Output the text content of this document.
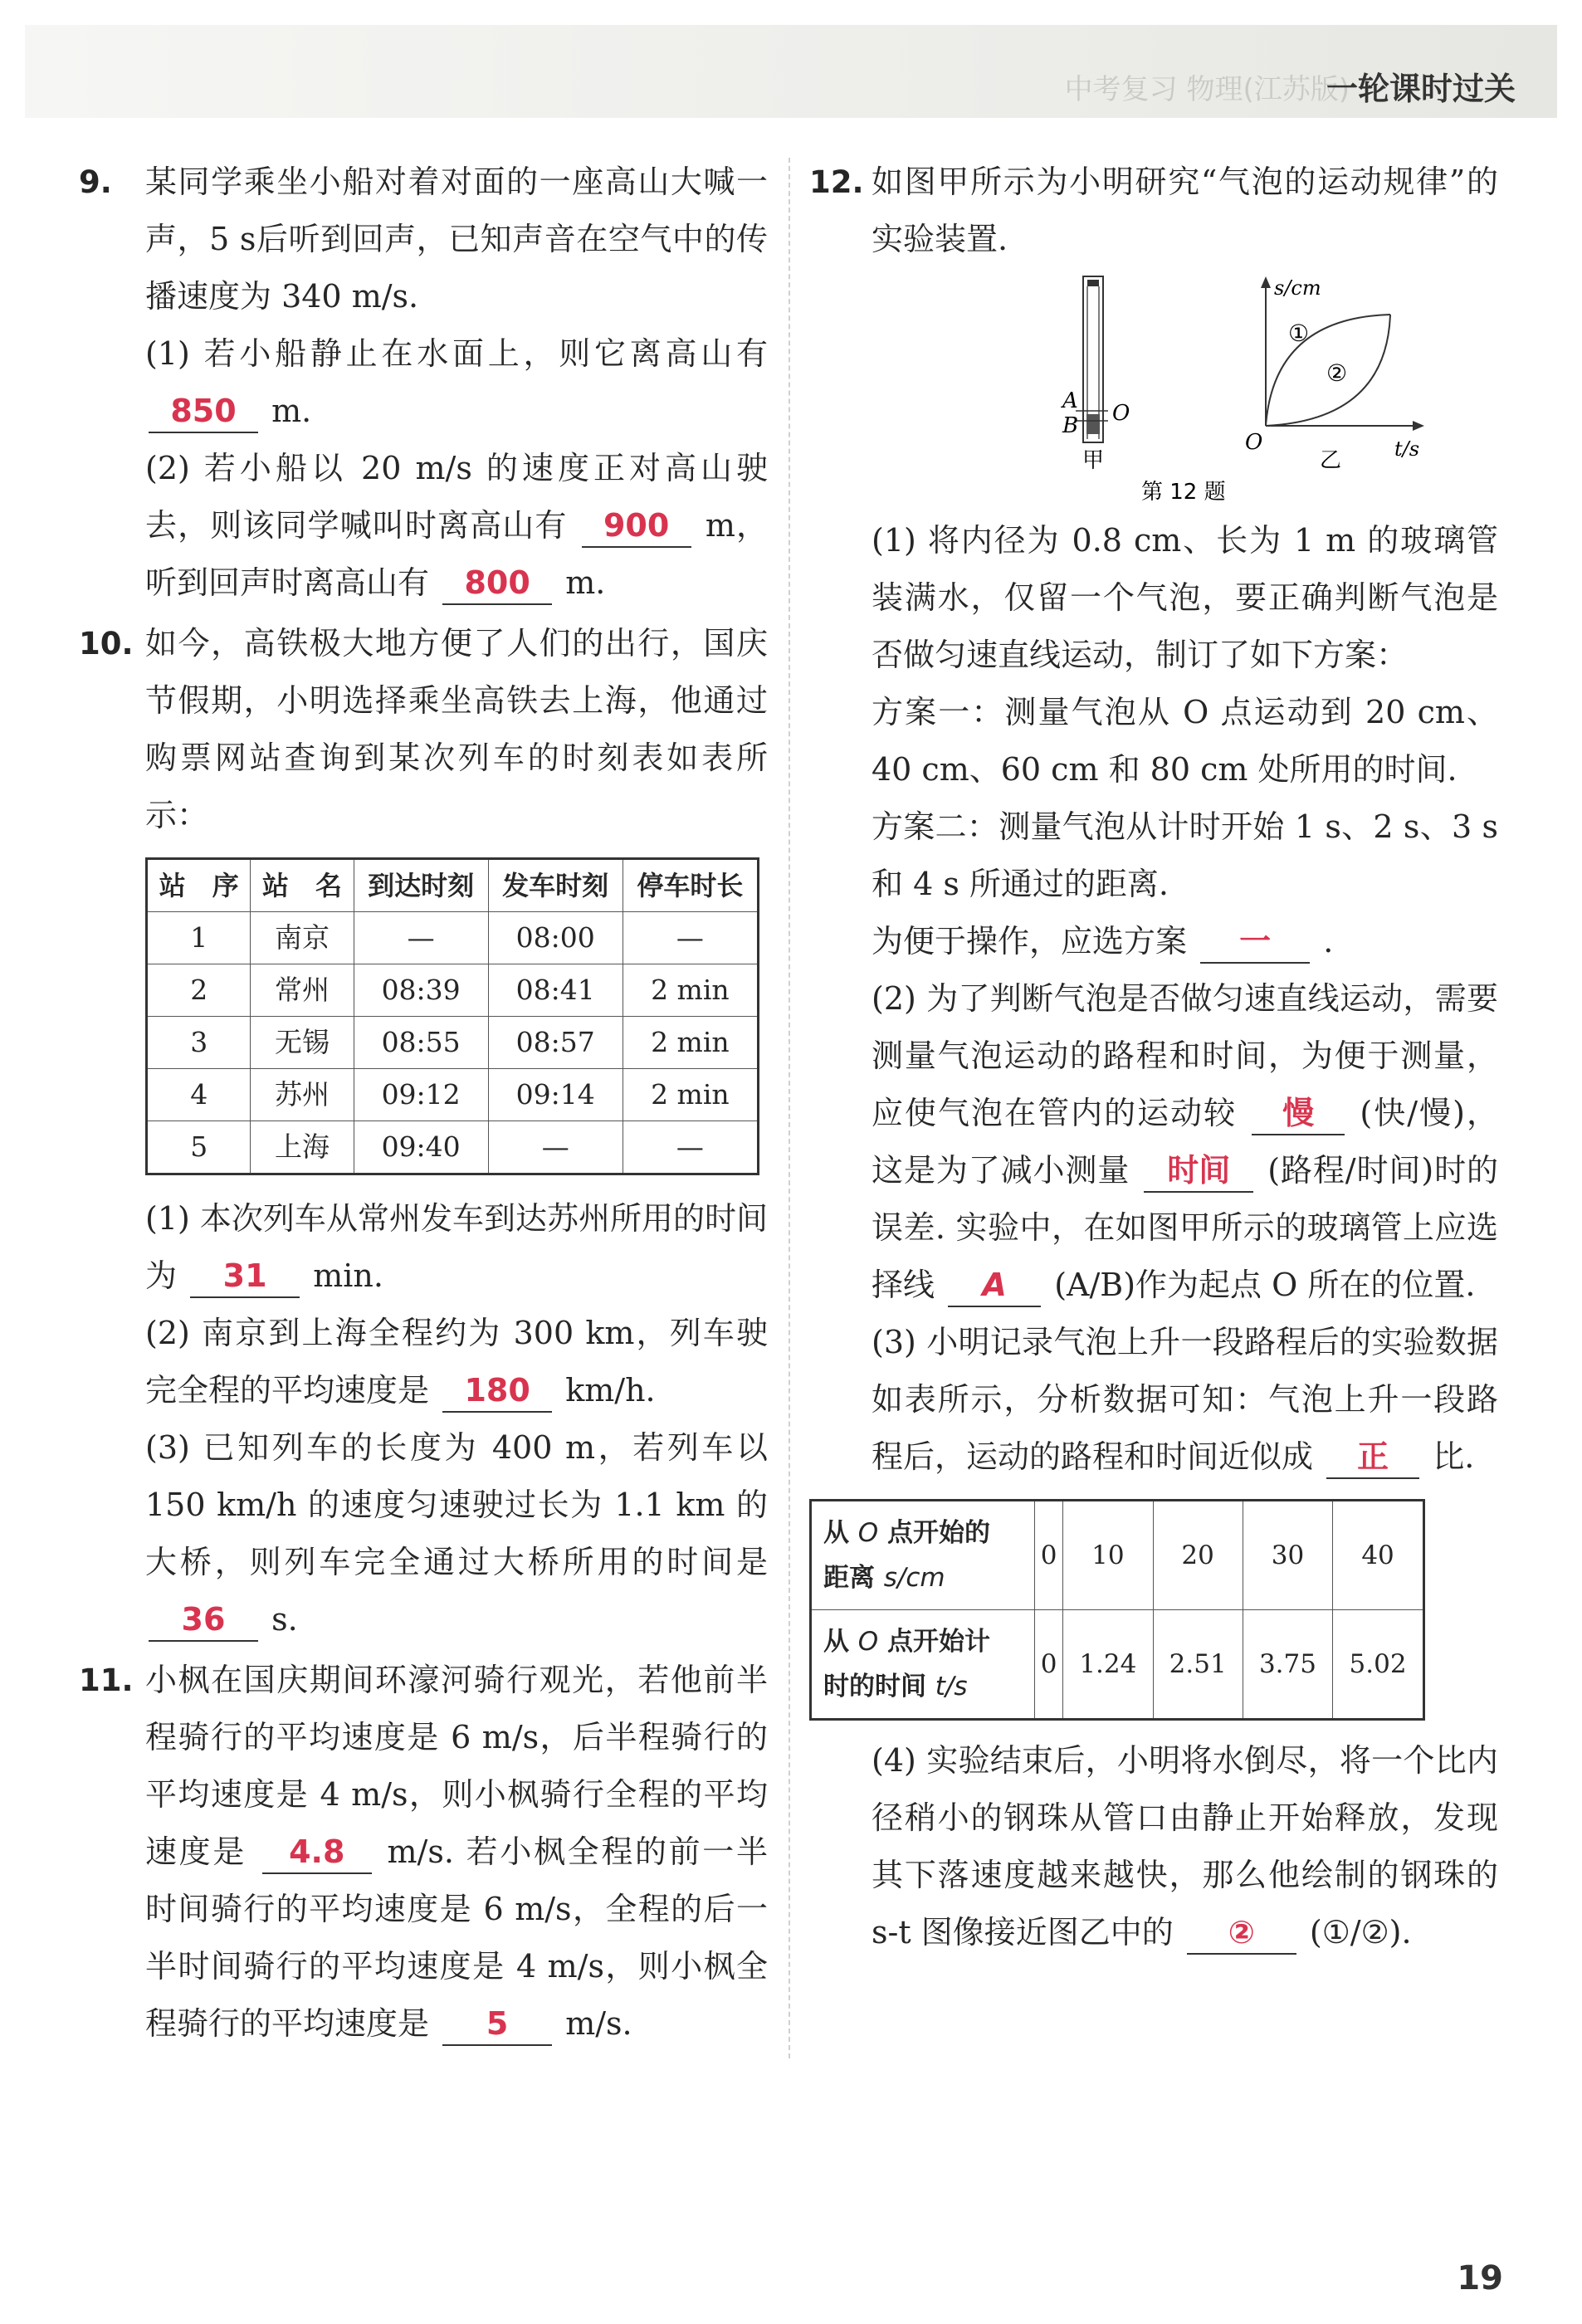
中考复习 物理(江苏版)
一轮课时过关
9. 某同学乘坐小船对着对面的一座高山大喊一声，5 s后听到回声，已知声音在空气中的传播速度为 340 m/s.

(1) 若小船静止在水面上，则它离高山有 850 m.

(2) 若小船以 20 m/s 的速度正对高山驶去，则该同学喊叫时离高山有 900 m，听到回声时离高山有 800 m.

10. 如今，高铁极大地方便了人们的出行，国庆节假期，小明选择乘坐高铁去上海，他通过购票网站查询到某次列车的时刻表如表所示：

站　序	站　名	到达时刻	发车时刻	停车时长
1	南京	—	08:00	—
2	常州	08:39	08:41	2 min
3	无锡	08:55	08:57	2 min
4	苏州	09:12	09:14	2 min
5	上海	09:40	—	—

(1) 本次列车从常州发车到达苏州所用的时间为 31 min.

(2) 南京到上海全程约为 300 km，列车驶完全程的平均速度是 180 km/h.

(3) 已知列车的长度为 400 m，若列车以 150 km/h 的速度匀速驶过长为 1.1 km 的大桥，则列车完全通过大桥所用的时间是 36 s.

11. 小枫在国庆期间环濠河骑行观光，若他前半程骑行的平均速度是 6 m/s，后半程骑行的平均速度是 4 m/s，则小枫骑行全程的平均速度是 4.8 m/s. 若小枫全程的前一半时间骑行的平均速度是 6 m/s，全程的后一半时间骑行的平均速度是 4 m/s，则小枫全程骑行的平均速度是 5 m/s.

12. 如图甲所示为小明研究“气泡的运动规律”的实验装置.

A
B O
甲
s/cm
t/s
O
①
②
乙
第 12 题

(1) 将内径为 0.8 cm、长为 1 m 的玻璃管装满水，仅留一个气泡，要正确判断气泡是否做匀速直线运动，制订了如下方案：

方案一：测量气泡从 O 点运动到 20 cm、40 cm、60 cm 和 80 cm 处所用的时间.

方案二：测量气泡从计时开始 1 s、2 s、3 s 和 4 s 所通过的距离.

为便于操作，应选方案 一 .

(2) 为了判断气泡是否做匀速直线运动，需要测量气泡运动的路程和时间，为便于测量，应使气泡在管内的运动较 慢 (快/慢)，这是为了减小测量 时间 (路程/时间)时的误差. 实验中，在如图甲所示的玻璃管上应选择线 A (A/B)作为起点 O 所在的位置.

(3) 小明记录气泡上升一段路程后的实验数据如表所示，分析数据可知：气泡上升一段路程后，运动的路程和时间近似成 正 比.

从 O 点开始的
距离 s/cm	0	10	20	30	40
从 O 点开始计
时的时间 t/s	0	1.24	2.51	3.75	5.02

(4) 实验结束后，小明将水倒尽，将一个比内径稍小的钢珠从管口由静止开始释放，发现其下落速度越来越快，那么他绘制的钢珠的 s-t 图像接近图乙中的 ② (①/②).

19
